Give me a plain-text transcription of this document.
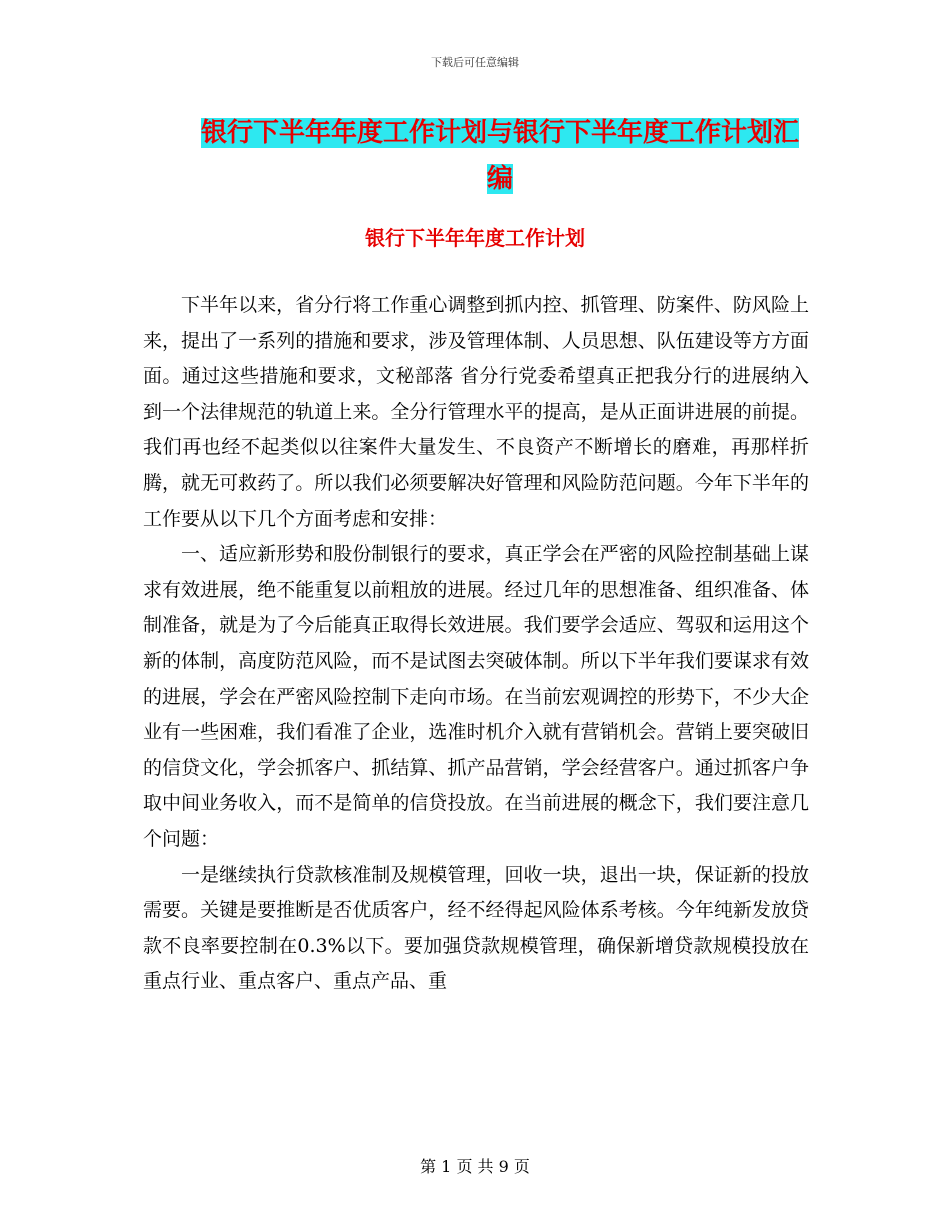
下载后可任意编辑
银行下半年年度工作计划与银行下半年度工作计划汇编
银行下半年年度工作计划

下半年以来，省分行将工作重心调整到抓内控、抓管理、防案件、防风险上来，提出了一系列的措施和要求，涉及管理体制、人员思想、队伍建设等方方面面。通过这些措施和要求，文秘部落 省分行党委希望真正把我分行的进展纳入到一个法律规范的轨道上来。全分行管理水平的提高，是从正面讲进展的前提。我们再也经不起类似以往案件大量发生、不良资产不断增长的磨难，再那样折腾，就无可救药了。所以我们必须要解决好管理和风险防范问题。今年下半年的工作要从以下几个方面考虑和安排：

一、适应新形势和股份制银行的要求，真正学会在严密的风险控制基础上谋求有效进展，绝不能重复以前粗放的进展。经过几年的思想准备、组织准备、体制准备，就是为了今后能真正取得长效进展。我们要学会适应、驾驭和运用这个新的体制，高度防范风险，而不是试图去突破体制。所以下半年我们要谋求有效的进展，学会在严密风险控制下走向市场。在当前宏观调控的形势下，不少大企业有一些困难，我们看准了企业，选准时机介入就有营销机会。营销上要突破旧的信贷文化，学会抓客户、抓结算、抓产品营销，学会经营客户。通过抓客户争取中间业务收入，而不是简单的信贷投放。在当前进展的概念下，我们要注意几个问题：

一是继续执行贷款核准制及规模管理，回收一块，退出一块，保证新的投放需要。关键是要推断是否优质客户，经不经得起风险体系考核。今年纯新发放贷款不良率要控制在0.3%以下。要加强贷款规模管理，确保新增贷款规模投放在重点行业、重点客户、重点产品、重

第 1 页 共 9 页
